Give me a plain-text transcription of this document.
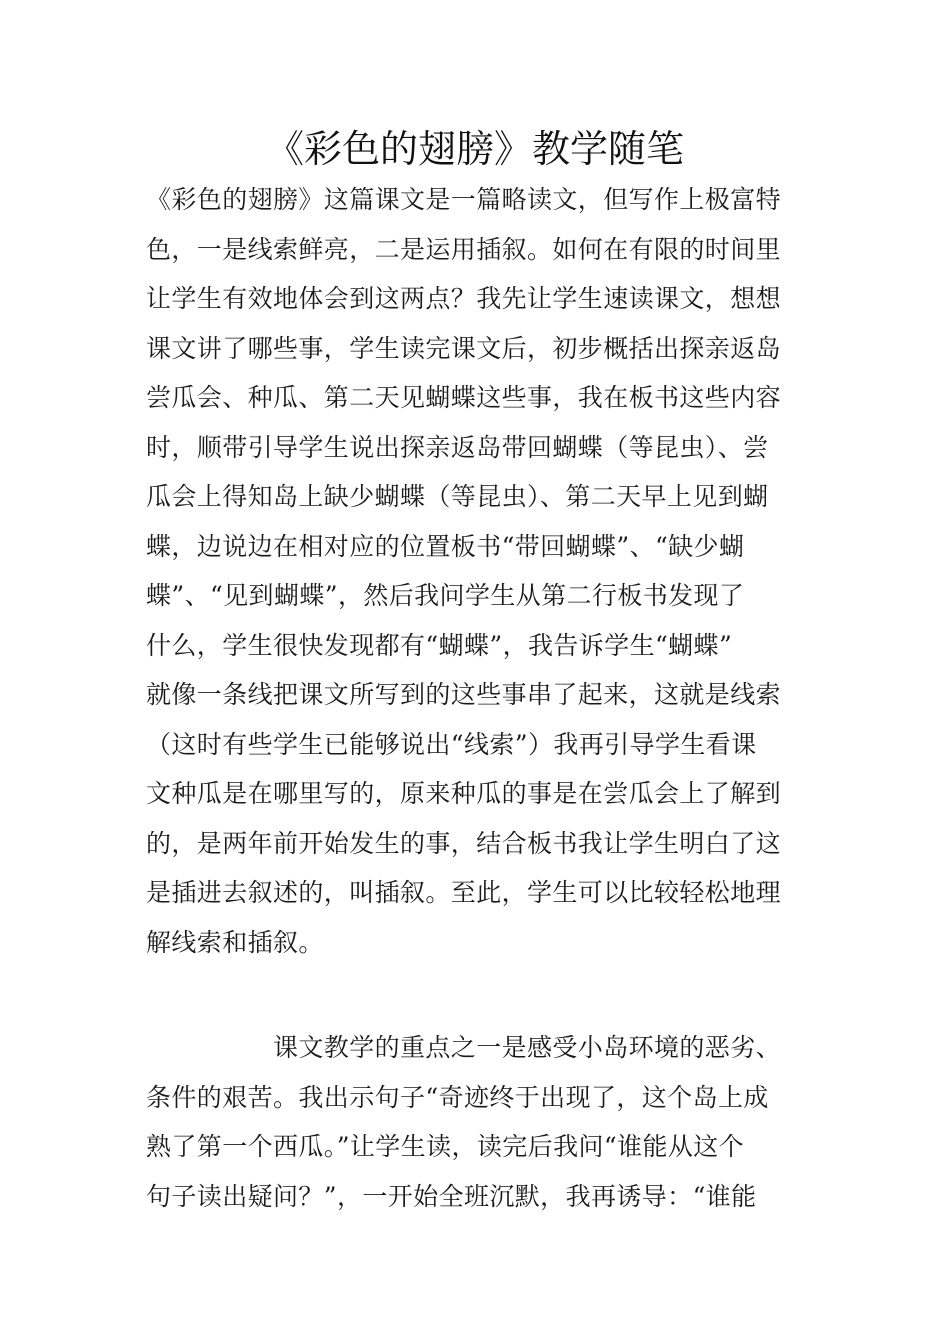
《彩色的翅膀》教学随笔
《彩色的翅膀》这篇课文是一篇略读文，但写作上极富特
色，一是线索鲜亮，二是运用插叙。如何在有限的时间里
让学生有效地体会到这两点？我先让学生速读课文，想想
课文讲了哪些事，学生读完课文后，初步概括出探亲返岛
尝瓜会、种瓜、第二天见蝴蝶这些事，我在板书这些内容
时，顺带引导学生说出探亲返岛带回蝴蝶（等昆虫）、尝
瓜会上得知岛上缺少蝴蝶（等昆虫）、第二天早上见到蝴
蝶，边说边在相对应的位置板书“带回蝴蝶”、“缺少蝴
蝶”、“见到蝴蝶”，然后我问学生从第二行板书发现了
什么，学生很快发现都有“蝴蝶”，我告诉学生“蝴蝶”
就像一条线把课文所写到的这些事串了起来，这就是线索
（这时有些学生已能够说出“线索”）我再引导学生看课
文种瓜是在哪里写的，原来种瓜的事是在尝瓜会上了解到
的，是两年前开始发生的事，结合板书我让学生明白了这
是插进去叙述的，叫插叙。至此，学生可以比较轻松地理
解线索和插叙。
　　　　　课文教学的重点之一是感受小岛环境的恶劣、
条件的艰苦。我出示句子“奇迹终于出现了，这个岛上成
熟了第一个西瓜。”让学生读，读完后我问“谁能从这个
句子读出疑问？”，一开始全班沉默，我再诱导：“谁能
